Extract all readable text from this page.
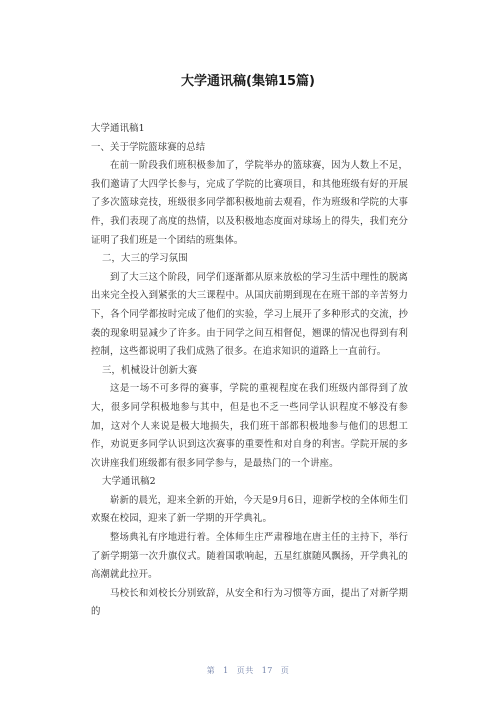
大学通讯稿(集锦15篇)

大学通讯稿1

一、关于学院篮球赛的总结

在前一阶段我们班积极参加了，学院举办的篮球赛，因为人数上不足，我们邀请了大四学长参与，完成了学院的比赛项目，和其他班级有好的开展了多次篮球竞技，班级很多同学都积极地前去观看，作为班级和学院的大事件，我们表现了高度的热情，以及积极地态度面对球场上的得失，我们充分证明了我们班是一个团结的班集体。

二，大三的学习氛围

到了大三这个阶段，同学们逐渐都从原来放松的学习生活中理性的脱离出来完全投入到紧张的大三课程中。从国庆前期到现在在班干部的辛苦努力下，各个同学都按时完成了他们的实验，学习上展开了多种形式的交流，抄袭的现象明显减少了许多。由于同学之间互相督促，翘课的情况也得到有利控制，这些都说明了我们成熟了很多。在追求知识的道路上一直前行。

三，机械设计创新大赛

这是一场不可多得的赛事，学院的重视程度在我们班级内部得到了放大，很多同学积极地参与其中，但是也不乏一些同学认识程度不够没有参加，这对个人来说是极大地损失，我们班干部都积极地参与他们的思想工作，劝说更多同学认识到这次赛事的重要性和对自身的利害。学院开展的多次讲座我们班级都有很多同学参与，是最热门的一个讲座。

大学通讯稿2

崭新的晨光，迎来全新的开始，今天是9月6日，迎新学校的全体师生们欢聚在校园，迎来了新一学期的开学典礼。

整场典礼有序地进行着。全体师生庄严肃穆地在唐主任的主持下，举行了新学期第一次升旗仪式。随着国歌响起，五星红旗随风飘扬，开学典礼的高潮就此拉开。

马校长和刘校长分别致辞，从安全和行为习惯等方面，提出了对新学期的

第 1 页共 17 页
